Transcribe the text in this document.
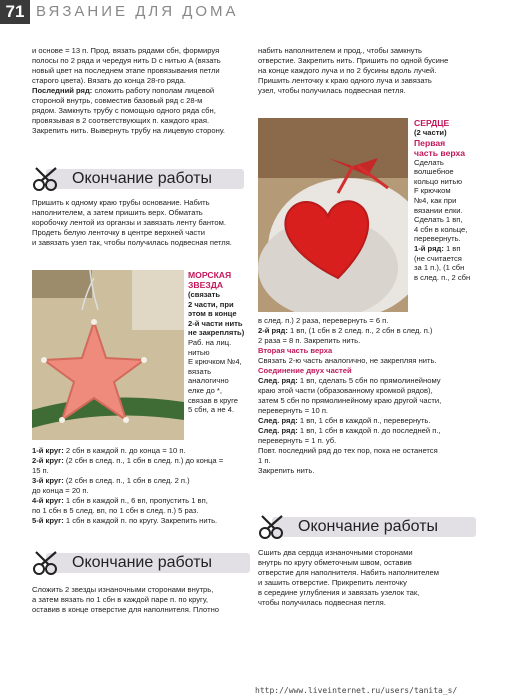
71 ВЯЗАНИЕ ДЛЯ ДОМА

и основе = 13 п. Прод. вязать рядами сбн, формируя

полосы по 2 ряда и чередуя нить D с нитью A (вязать

новый цвет на последнем этапе провязывания петли

старого цвета). Вязать до конца 28-го ряда.

Последний ряд: сложить работу пополам лицевой

стороной внутрь, совместив базовый ряд с 28-м

рядом. Замкнуть трубу с помощью одного ряда сбн,

провязывая в 2 соответствующих п. каждого края.

Закрепить нить. Вывернуть трубу на лицевую сторону.

Окончание работы

Пришить к одному краю трубы основание. Набить

наполнителем, а затем пришить верх. Обматать

коробочку лентой из органзы и завязать ленту бантом.

Продеть белую ленточку в центре верхней части

и завязать узел так, чтобы получилась подвесная петля.

МОРСКАЯ
ЗВЕЗДА
(связать
2 части, при
этом в конце
2-й части нить
не закреплять)
Раб. на лиц.
нитью
E крючком №4,
вязать
аналогично
елке до *,
связав в круге
5 сбн, а не 4.

1-й круг: 2 сбн в каждой п. до конца = 10 п.

2-й круг: (2 сбн в след. п., 1 сбн в след. п.) до конца =

15 п.

3-й круг: (2 сбн в след. п., 1 сбн в след. 2 п.)

до конца = 20 п.

4-й круг: 1 сбн в каждой п., 6 вп, пропустить 1 вп,

по 1 сбн в 5 след. вп, по 1 сбн в след. п.) 5 раз.

5-й круг: 1 сбн в каждой п. по кругу. Закрепить нить.

Окончание работы

Сложить 2 звезды изнаночными сторонами внутрь,

а затем вязать по 1 сбн в каждой паре п. по кругу,

оставив в конце отверстие для наполнителя. Плотно

набить наполнителем и прод., чтобы замкнуть

отверстие. Закрепить нить. Пришить по одной бусине

на конце каждого луча и по 2 бусины вдоль лучей.

Пришить ленточку к краю одного луча и завязать

узел, чтобы получилась подвесная петля.

СЕРДЦЕ
(2 части)
Первая
часть верха
Сделать
волшебное
кольцо нитью
F крючком
№4, как при
вязании елки.
Сделать 1 вп,
4 сбн в кольце,
перевернуть.
1-й ряд: 1 вп
(не считается
за 1 п.), (1 сбн
в след. п., 2 сбн

в след. п.) 2 раза, перевернуть = 6 п.

2-й ряд: 1 вп, (1 сбн в 2 след. п., 2 сбн в след. п.)

2 раза = 8 п. Закрепить нить.

Вторая часть верха

Связать 2-ю часть аналогично, не закрепляя нить.

Соединение двух частей

След. ряд: 1 вп, сделать 5 сбн по прямолинейному

краю этой части (образованному кромкой рядов),

затем 5 сбн по прямолинейному краю другой части,

перевернуть = 10 п.

След. ряд: 1 вп, 1 сбн в каждой п., перевернуть.

След. ряд: 1 вп, 1 сбн в каждой п. до последней п.,

перевернуть = 1 п. уб.

Повт. последний ряд до тех пор, пока не останется

1 п.

Закрепить нить.

Окончание работы

Сшить два сердца изнаночными сторонами

внутрь по кругу обметочным швом, оставив

отверстие для наполнителя. Набить наполнителем

и зашить отверстие. Прикрепить ленточку

в середине углубления и завязать узелок так,

чтобы получилась подвесная петля.

http://www.liveinternet.ru/users/tanita_s/
